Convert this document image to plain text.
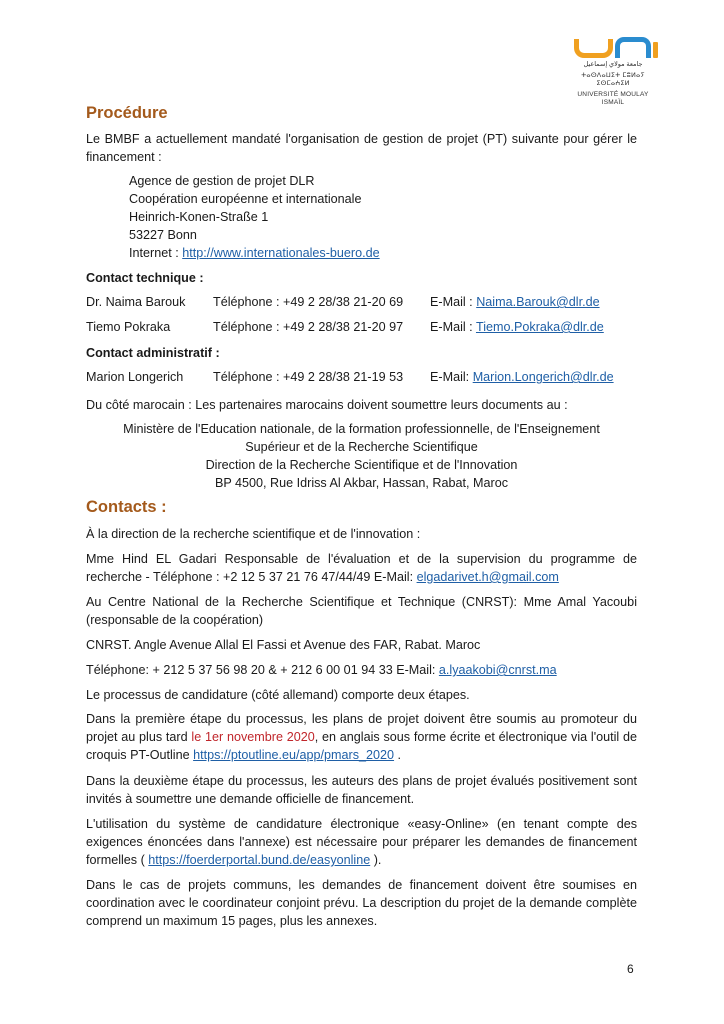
جامعة مولاي إسماعيل
ⵜⴰⵙⴷⴰⵡⵉⵜ ⵎⵓⵍⴰⵢ ⵉⵙⵎⴰⵄⵉⵍ
UNIVERSITÉ MOULAY ISMAÏL
Procédure

Le BMBF a actuellement mandaté l'organisation de gestion de projet (PT) suivante pour gérer le financement :

Agence de gestion de projet DLR
Coopération européenne et internationale
Heinrich-Konen-Straße 1
53227 Bonn
Internet : http://www.internationales-buero.de
Contact technique :
Dr. Naima Barouk Téléphone : +49 2 28/38 21-20 69 E-Mail : Naima.Barouk@dlr.de
Tiemo Pokraka	Téléphone : +49 2 28/38 21-20 97 E-Mail : Tiemo.Pokraka@dlr.de
Contact administratif :
Marion Longerich Téléphone : +49 2 28/38 21-19 53 E-Mail: Marion.Longerich@dlr.de

Du côté marocain : Les partenaires marocains doivent soumettre leurs documents au :

Ministère de l'Education nationale, de la formation professionnelle, de l'Enseignement
Supérieur et de la Recherche Scientifique
Direction de la Recherche Scientifique et de l'Innovation
BP 4500, Rue Idriss Al Akbar, Hassan, Rabat, Maroc
Contacts :

À la direction de la recherche scientifique et de l'innovation :

Mme Hind EL Gadari Responsable de l'évaluation et de la supervision du programme de recherche - Téléphone : +2 12 5 37 21 76 47/44/49 E-Mail: elgadarivet.h@gmail.com

Au Centre National de la Recherche Scientifique et Technique (CNRST): Mme Amal Yacoubi (responsable de la coopération)

CNRST. Angle Avenue Allal El Fassi et Avenue des FAR, Rabat. Maroc

Téléphone: + 212 5 37 56 98 20 & + 212 6 00 01 94 33 E-Mail: a.lyaakobi@cnrst.ma

Le processus de candidature (côté allemand) comporte deux étapes.

Dans la première étape du processus, les plans de projet doivent être soumis au promoteur du projet au plus tard le 1er novembre 2020, en anglais sous forme écrite et électronique via l'outil de croquis PT-Outline https://ptoutline.eu/app/pmars_2020 .

Dans la deuxième étape du processus, les auteurs des plans de projet évalués positivement sont invités à soumettre une demande officielle de financement.

L'utilisation du système de candidature électronique «easy-Online» (en tenant compte des exigences énoncées dans l'annexe) est nécessaire pour préparer les demandes de financement formelles ( https://foerderportal.bund.de/easyonline ).

Dans le cas de projets communs, les demandes de financement doivent être soumises en coordination avec le coordinateur conjoint prévu. La description du projet de la demande complète comprend un maximum 15 pages, plus les annexes.

6
